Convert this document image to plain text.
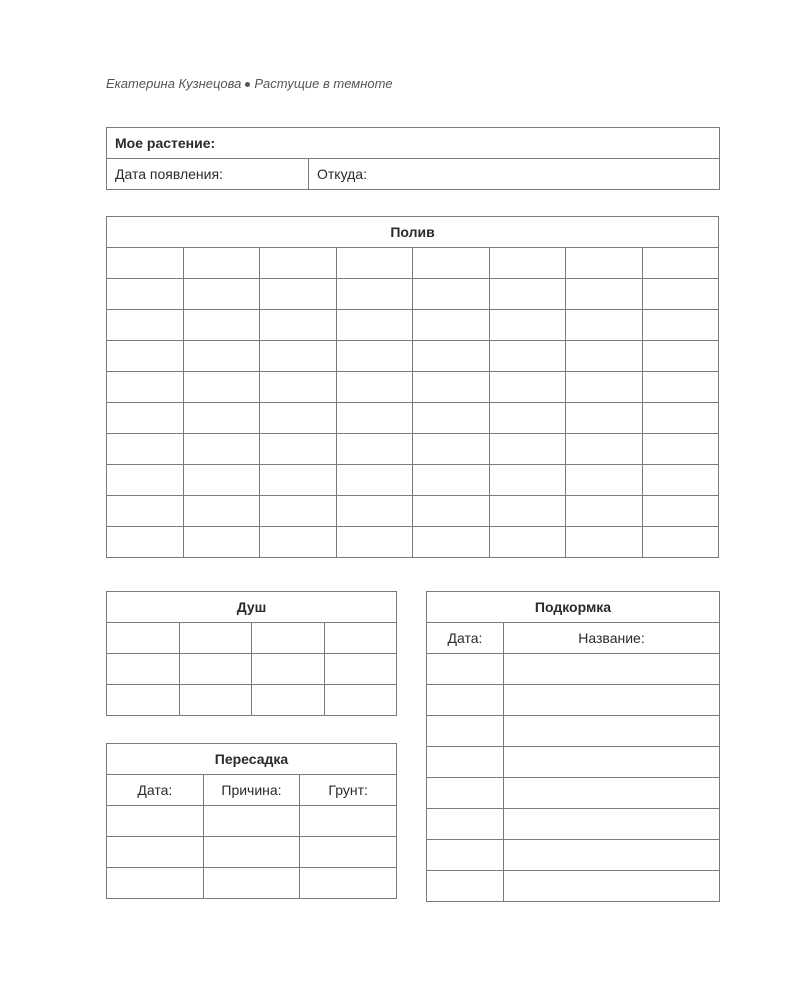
Екатерина Кузнецова Растущие в темноте
Мое растение:
Дата появления:	Откуда:
Полив							

Душ			

Пересадка		
Дата:	Причина:	Грунт:

Подкормка	
Дата:	Название:
